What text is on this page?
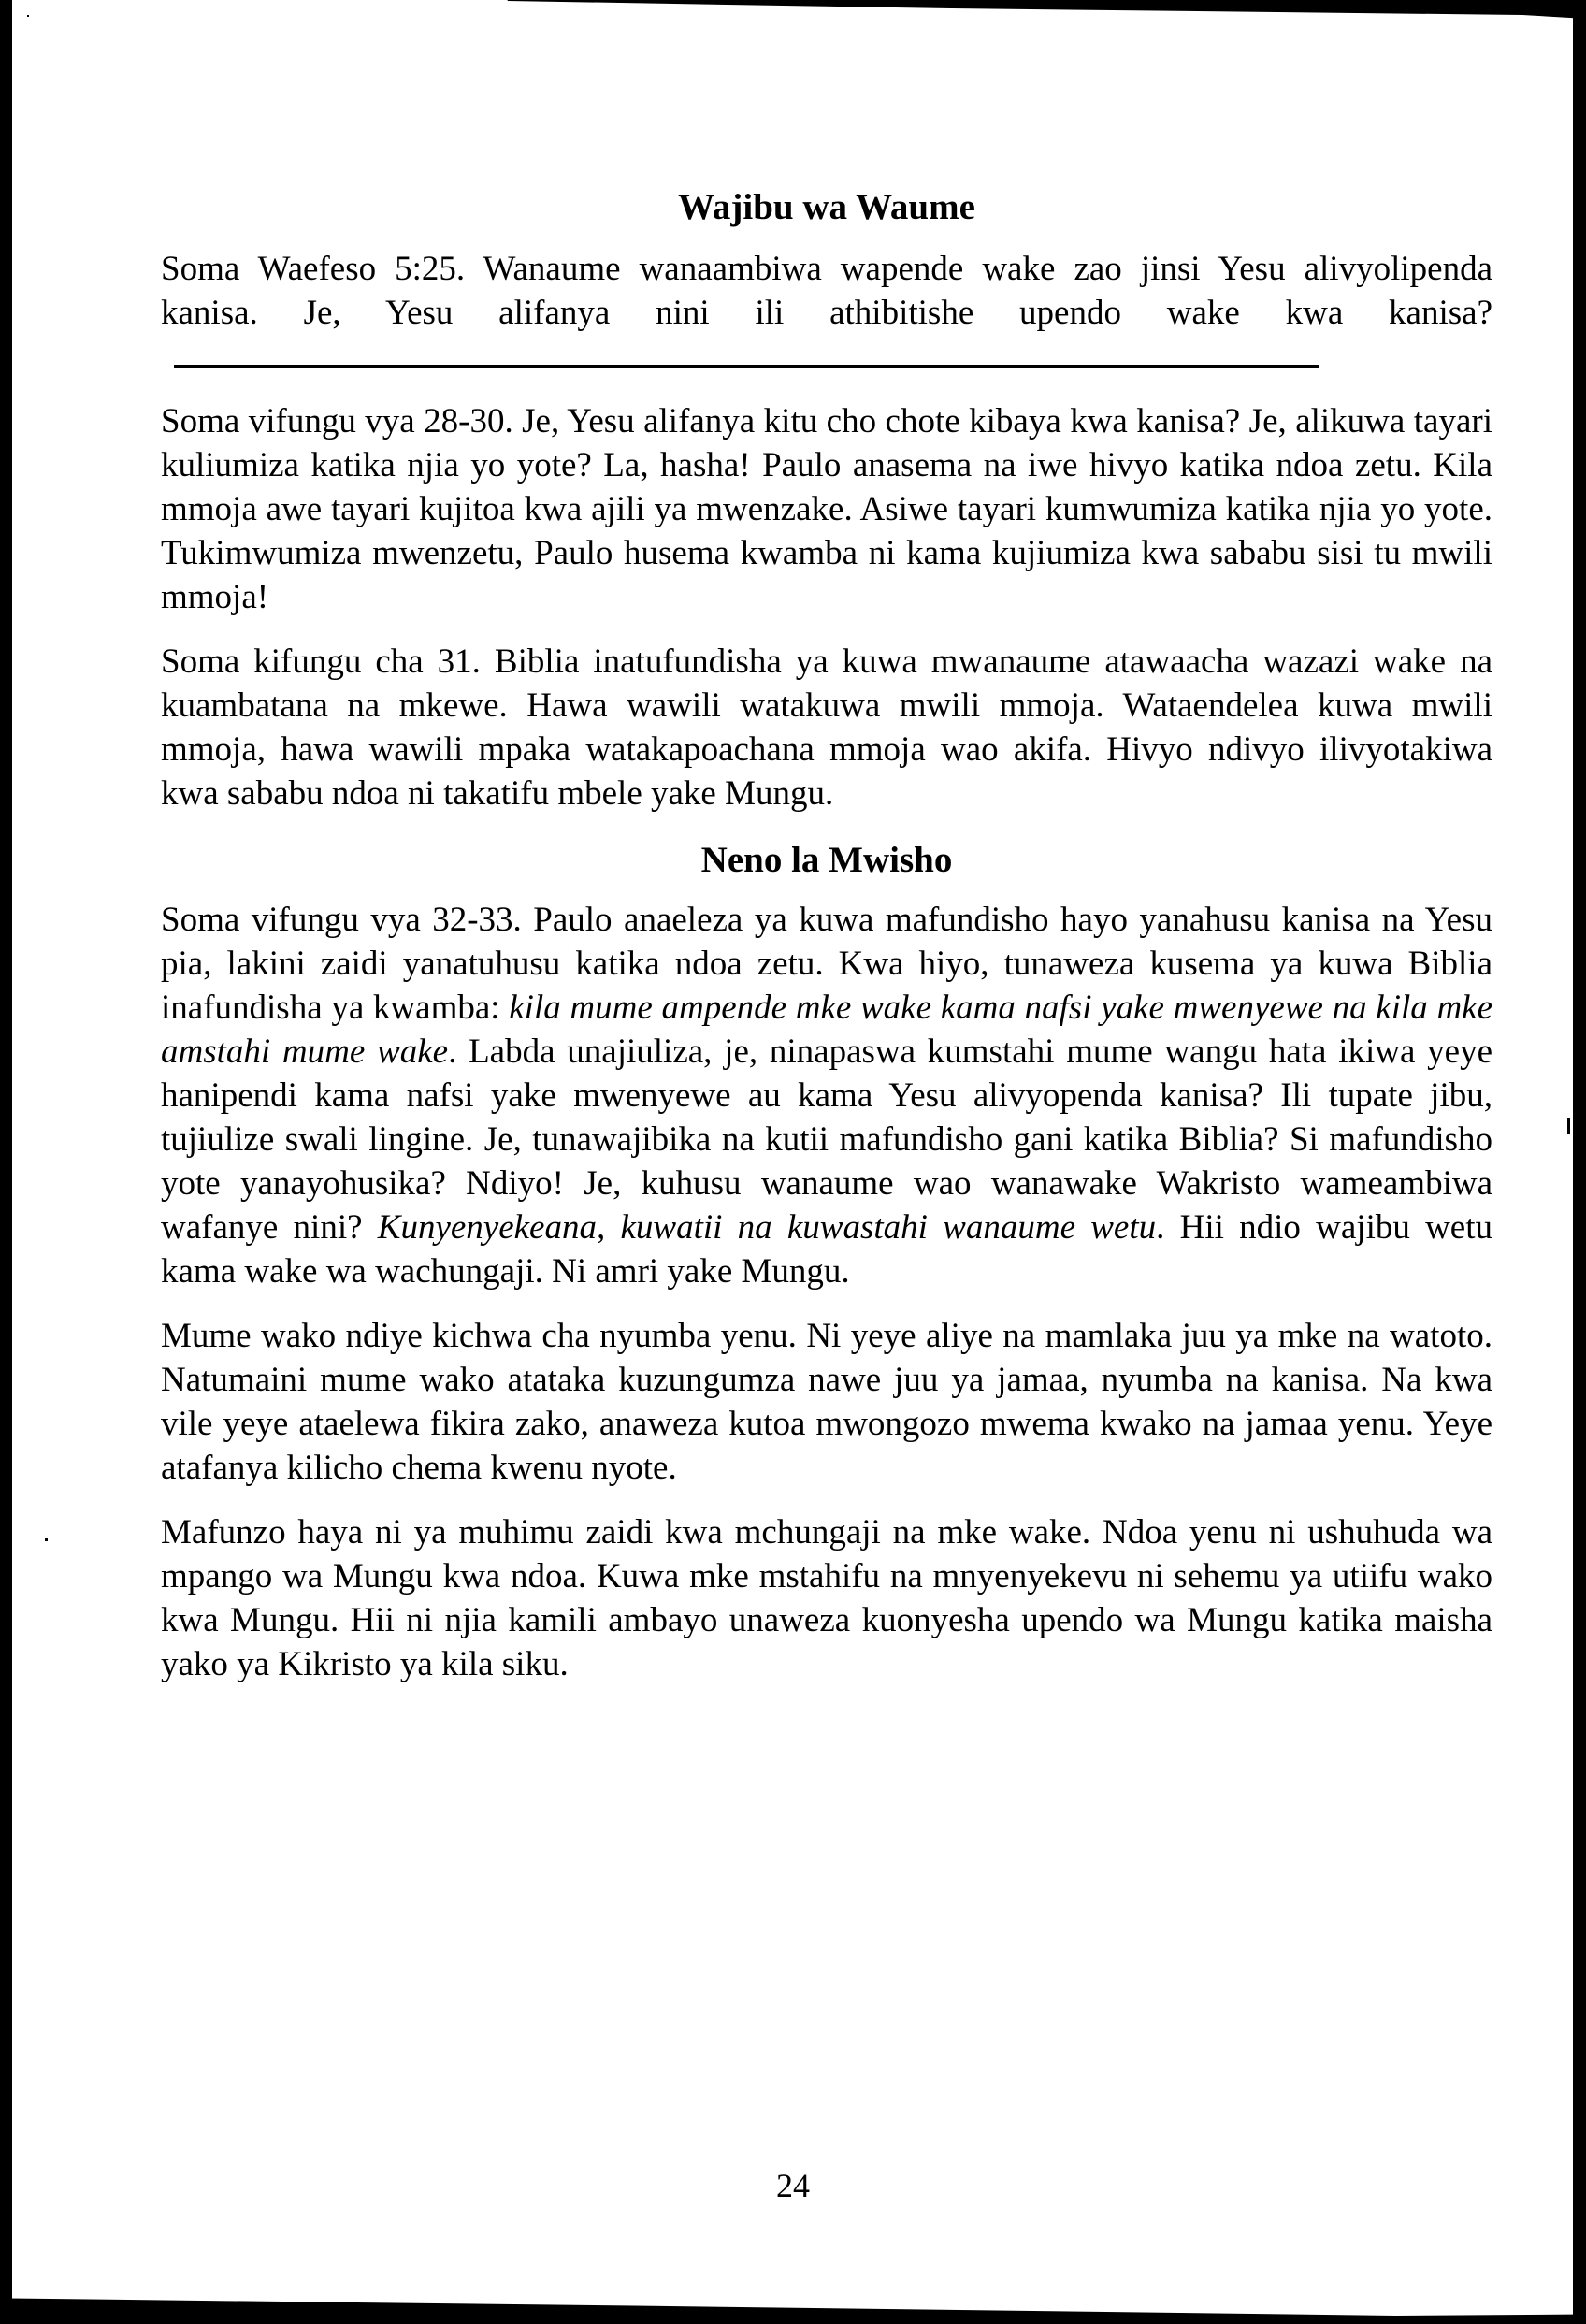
Wajibu wa Waume

Soma Waefeso 5:25. Wanaume wanaambiwa wapende wake zao jinsi Yesu alivyolipenda kanisa. Je, Yesu alifanya nini ili athibitishe upendo wake kwa kanisa?

Soma vifungu vya 28-30. Je, Yesu alifanya kitu cho chote kibaya kwa kanisa? Je, alikuwa tayari kuliumiza katika njia yo yote? La, hasha! Paulo anasema na iwe hivyo katika ndoa zetu. Kila mmoja awe tayari kujitoa kwa ajili ya mwenzake. Asiwe tayari kumwumiza katika njia yo yote. Tukimwumiza mwenzetu, Paulo husema kwamba ni kama kujiumiza kwa sababu sisi tu mwili mmoja!

Soma kifungu cha 31. Biblia inatufundisha ya kuwa mwanaume atawaacha wazazi wake na kuambatana na mkewe. Hawa wawili watakuwa mwili mmoja. Wataendelea kuwa mwili mmoja, hawa wawili mpaka watakapoachana mmoja wao akifa. Hivyo ndivyo ilivyotakiwa kwa sababu ndoa ni takatifu mbele yake Mungu.

Neno la Mwisho

Soma vifungu vya 32-33. Paulo anaeleza ya kuwa mafundisho hayo yanahusu kanisa na Yesu pia, lakini zaidi yanatuhusu katika ndoa zetu. Kwa hiyo, tunaweza kusema ya kuwa Biblia inafundisha ya kwamba: kila mume ampende mke wake kama nafsi yake mwenyewe na kila mke amstahi mume wake. Labda unajiuliza, je, ninapaswa kumstahi mume wangu hata ikiwa yeye hanipendi kama nafsi yake mwenyewe au kama Yesu alivyopenda kanisa? Ili tupate jibu, tujiulize swali lingine. Je, tunawajibika na kutii mafundisho gani katika Biblia? Si mafundisho yote yanayohusika? Ndiyo! Je, kuhusu wanaume wao wanawake Wakristo wameambiwa wafanye nini? Kunyenyekeana, kuwatii na kuwastahi wanaume wetu. Hii ndio wajibu wetu kama wake wa wachungaji. Ni amri yake Mungu.

Mume wako ndiye kichwa cha nyumba yenu. Ni yeye aliye na mamlaka juu ya mke na watoto. Natumaini mume wako atataka kuzungumza nawe juu ya jamaa, nyumba na kanisa. Na kwa vile yeye ataelewa fikira zako, anaweza kutoa mwongozo mwema kwako na jamaa yenu. Yeye atafanya kilicho chema kwenu nyote.

Mafunzo haya ni ya muhimu zaidi kwa mchungaji na mke wake. Ndoa yenu ni ushuhuda wa mpango wa Mungu kwa ndoa. Kuwa mke mstahifu na mnyenyekevu ni sehemu ya utiifu wako kwa Mungu. Hii ni njia kamili ambayo unaweza kuonyesha upendo wa Mungu katika maisha yako ya Kikristo ya kila siku.

24
